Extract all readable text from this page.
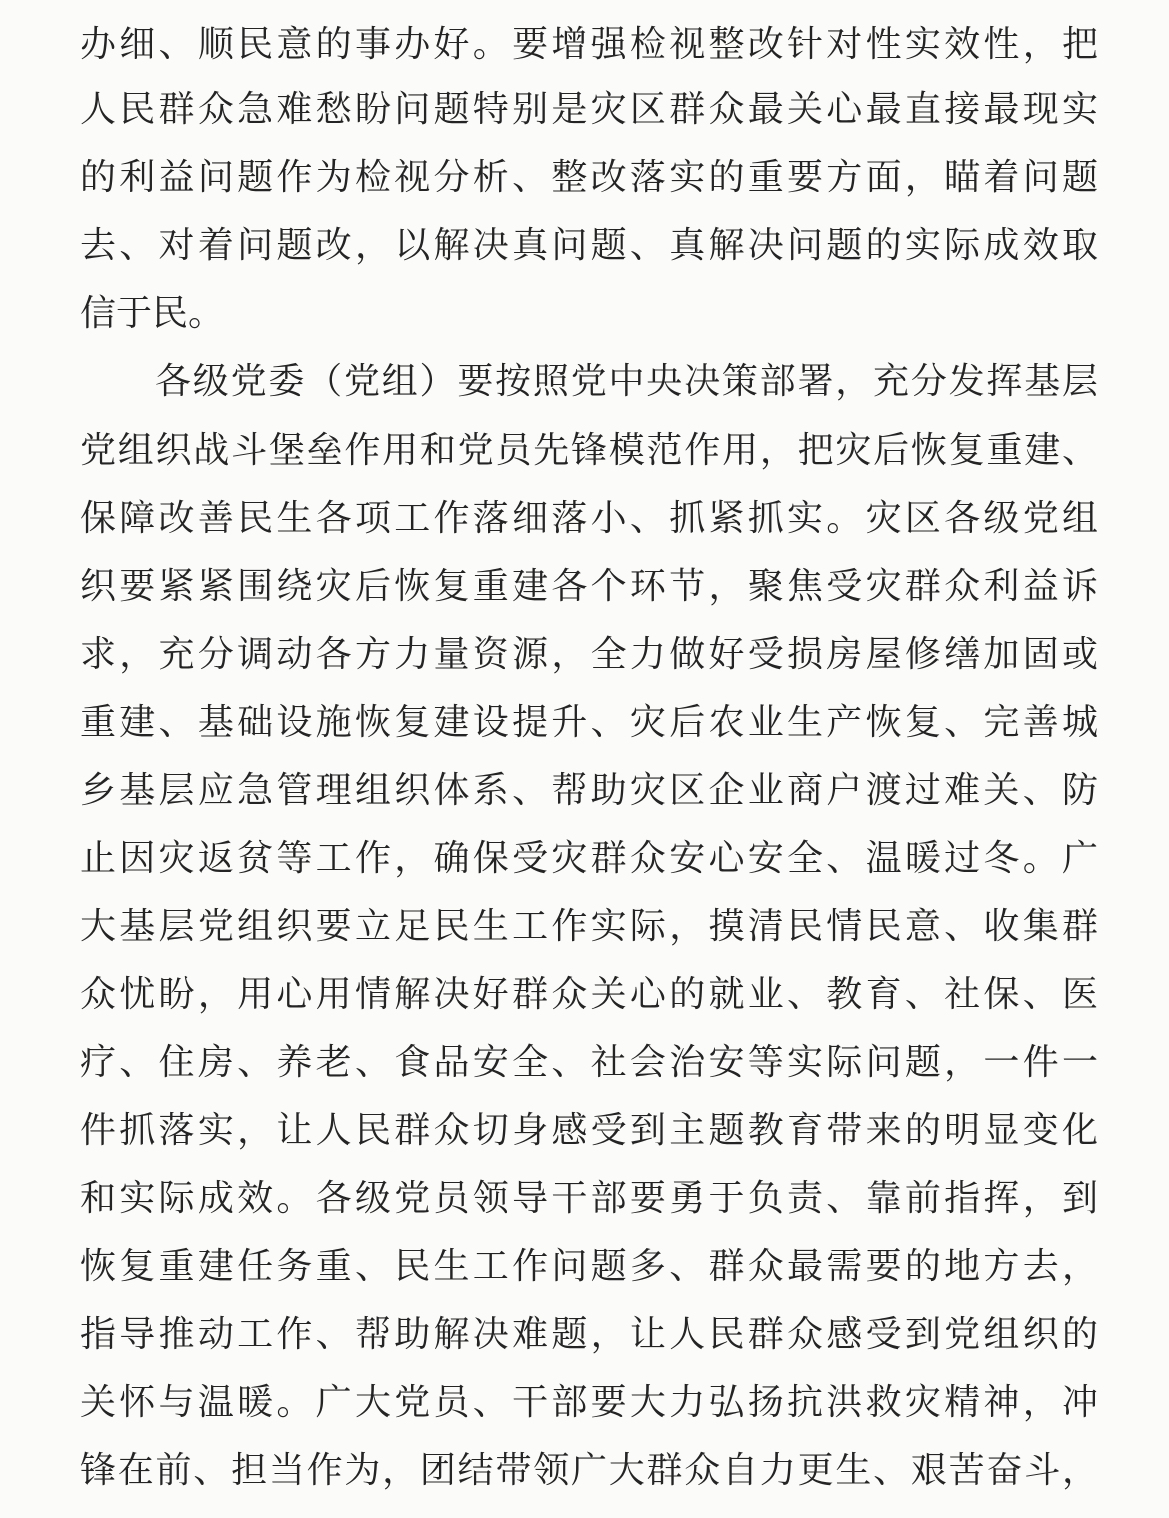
办细、顺民意的事办好。要增强检视整改针对性实效性，把
人民群众急难愁盼问题特别是灾区群众最关心最直接最现实
的利益问题作为检视分析、整改落实的重要方面，瞄着问题
去、对着问题改，以解决真问题、真解决问题的实际成效取
信于民。
各级党委（党组）要按照党中央决策部署，充分发挥基层
党组织战斗堡垒作用和党员先锋模范作用，把灾后恢复重建、
保障改善民生各项工作落细落小、抓紧抓实。灾区各级党组
织要紧紧围绕灾后恢复重建各个环节，聚焦受灾群众利益诉
求，充分调动各方力量资源，全力做好受损房屋修缮加固或
重建、基础设施恢复建设提升、灾后农业生产恢复、完善城
乡基层应急管理组织体系、帮助灾区企业商户渡过难关、防
止因灾返贫等工作，确保受灾群众安心安全、温暖过冬。广
大基层党组织要立足民生工作实际，摸清民情民意、收集群
众忧盼，用心用情解决好群众关心的就业、教育、社保、医
疗、住房、养老、食品安全、社会治安等实际问题，一件一
件抓落实，让人民群众切身感受到主题教育带来的明显变化
和实际成效。各级党员领导干部要勇于负责、靠前指挥，到
恢复重建任务重、民生工作问题多、群众最需要的地方去，
指导推动工作、帮助解决难题，让人民群众感受到党组织的
关怀与温暖。广大党员、干部要大力弘扬抗洪救灾精神，冲
锋在前、担当作为，团结带领广大群众自力更生、艰苦奋斗，
